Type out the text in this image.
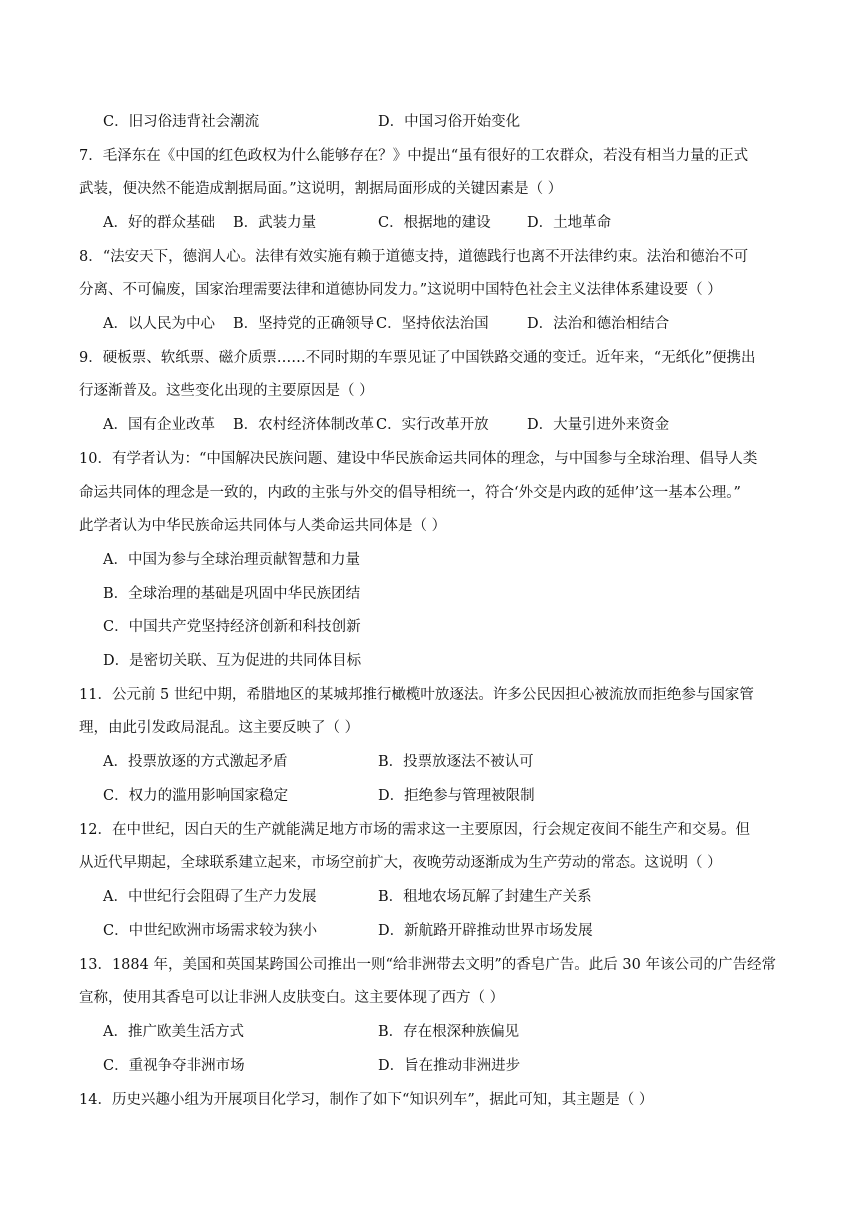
C．旧习俗违背社会潮流	D．中国习俗开始变化
7．毛泽东在《中国的红色政权为什么能够存在？》中提出“虽有很好的工农群众，若没有相当力量的正式
武装，便决然不能造成割据局面。”这说明，割据局面形成的关键因素是（ ）
A．好的群众基础 B．武装力量	C．根据地的建设	D．土地革命
8．“法安天下，德润人心。法律有效实施有赖于道德支持，道德践行也离不开法律约束。法治和德治不可
分离、不可偏废，国家治理需要法律和道德协同发力。”这说明中国特色社会主义法律体系建设要（ ）
A．以人民为中心 B．坚持党的正确领导 C．坚持依法治国	D．法治和德治相结合
9．硬板票、软纸票、磁介质票……不同时期的车票见证了中国铁路交通的变迁。近年来，“无纸化”便携出
行逐渐普及。这些变化出现的主要原因是（ ）
A．国有企业改革 B．农村经济体制改革 C．实行改革开放	D．大量引进外来资金
10．有学者认为：“中国解决民族问题、建设中华民族命运共同体的理念，与中国参与全球治理、倡导人类
命运共同体的理念是一致的，内政的主张与外交的倡导相统一，符合‘外交是内政的延伸’这一基本公理。”
此学者认为中华民族命运共同体与人类命运共同体是（ ）
A．中国为参与全球治理贡献智慧和力量
B．全球治理的基础是巩固中华民族团结
C．中国共产党坚持经济创新和科技创新
D．是密切关联、互为促进的共同体目标
11．公元前 5 世纪中期，希腊地区的某城邦推行橄榄叶放逐法。许多公民因担心被流放而拒绝参与国家管
理，由此引发政局混乱。这主要反映了（ ）
A．投票放逐的方式激起矛盾	B．投票放逐法不被认可
C．权力的滥用影响国家稳定	D．拒绝参与管理被限制
12．在中世纪，因白天的生产就能满足地方市场的需求这一主要原因，行会规定夜间不能生产和交易。但
从近代早期起，全球联系建立起来，市场空前扩大，夜晚劳动逐渐成为生产劳动的常态。这说明（ ）
A．中世纪行会阻碍了生产力发展	B．租地农场瓦解了封建生产关系
C．中世纪欧洲市场需求较为狭小	D．新航路开辟推动世界市场发展
13．1884 年，美国和英国某跨国公司推出一则“给非洲带去文明”的香皂广告。此后 30 年该公司的广告经常
宣称，使用其香皂可以让非洲人皮肤变白。这主要体现了西方（ ）
A．推广欧美生活方式	B．存在根深种族偏见
C．重视争夺非洲市场	D．旨在推动非洲进步
14．历史兴趣小组为开展项目化学习，制作了如下“知识列车”，据此可知，其主题是（ ）
